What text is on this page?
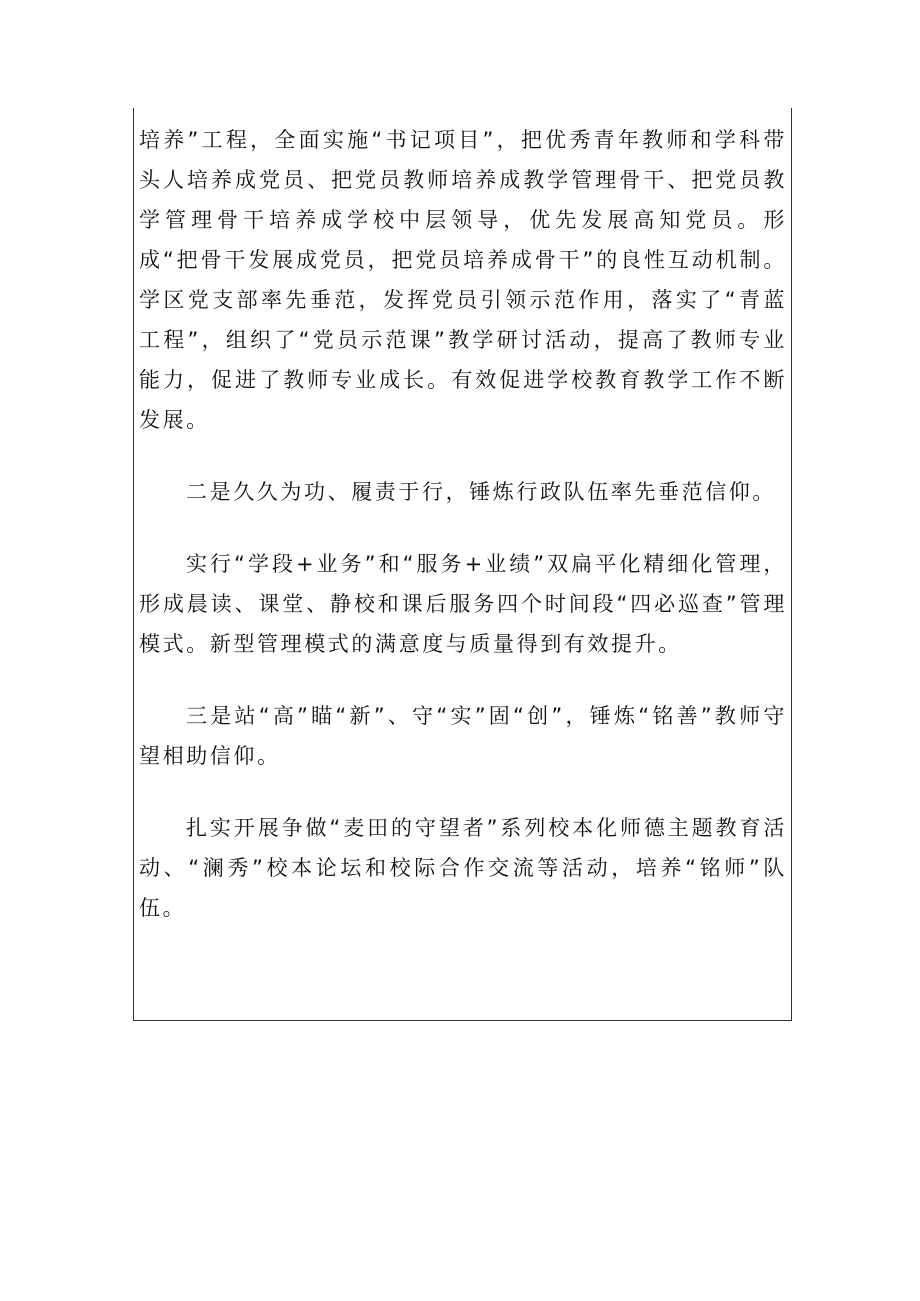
培养”工程，全面实施“书记项目”，把优秀青年教师和学科带头人培养成党员、把党员教师培养成教学管理骨干、把党员教学管理骨干培养成学校中层领导，优先发展高知党员。形成“把骨干发展成党员，把党员培养成骨干”的良性互动机制。学区党支部率先垂范，发挥党员引领示范作用，落实了“青蓝工程”，组织了“党员示范课”教学研讨活动，提高了教师专业能力，促进了教师专业成长。有效促进学校教育教学工作不断发展。

二是久久为功、履责于行，锤炼行政队伍率先垂范信仰。

实行“学段+业务”和“服务+业绩”双扁平化精细化管理，形成晨读、课堂、静校和课后服务四个时间段“四必巡查”管理模式。新型管理模式的满意度与质量得到有效提升。

三是站“高”瞄“新”、守“实”固“创”，锤炼“铭善”教师守望相助信仰。

扎实开展争做“麦田的守望者”系列校本化师德主题教育活动、“澜秀”校本论坛和校际合作交流等活动，培养“铭师”队伍。
